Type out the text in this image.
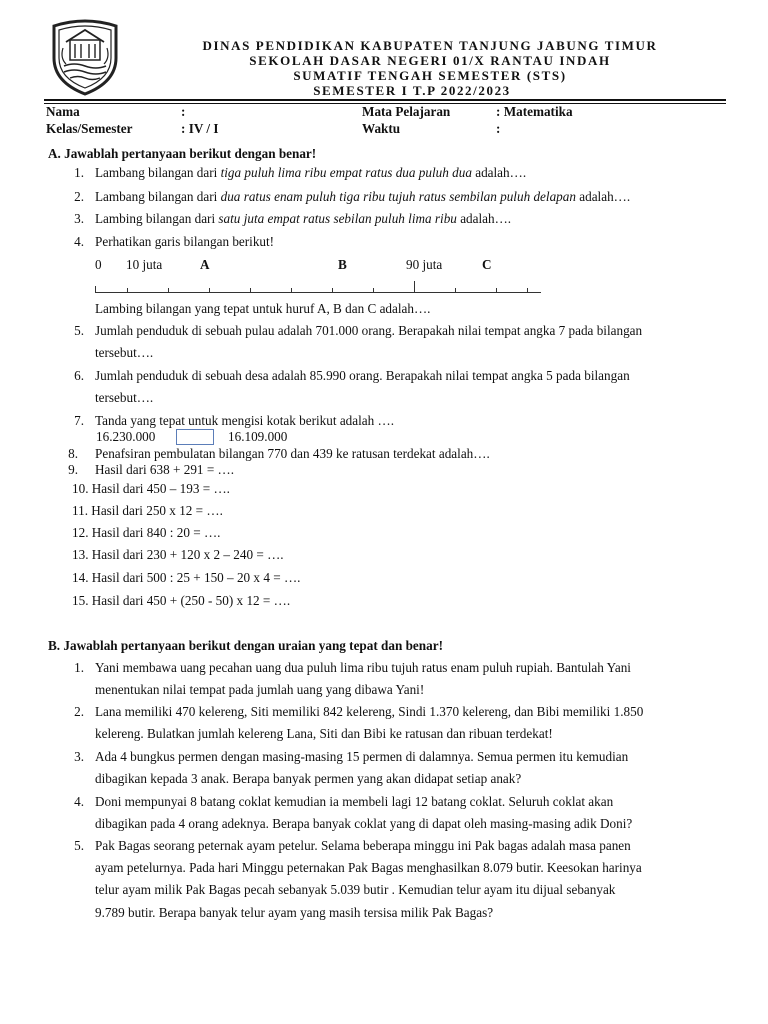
DINAS PENDIDIKAN KABUPATEN TANJUNG JABUNG TIMUR
SEKOLAH DASAR NEGERI 01/X RANTAU INDAH
SUMATIF TENGAH SEMESTER (STS)
SEMESTER I T.P 2022/2023
Nama	:	Mata Pelajaran	: Matematika
Kelas/Semester	: IV / I	Waktu	:
A. Jawablah pertanyaan berikut dengan benar!
1. Lambang bilangan dari tiga puluh lima ribu empat ratus dua puluh dua adalah….
2. Lambang bilangan dari dua ratus enam puluh tiga ribu tujuh ratus sembilan puluh delapan adalah….
3. Lambing bilangan dari satu juta empat ratus sebilan puluh lima ribu adalah….
4. Perhatikan garis bilangan berikut!
0 10 juta	A	B	90 juta	C
Lambing bilangan yang tepat untuk huruf A, B dan C adalah….
5. Jumlah penduduk di sebuah pulau adalah 701.000 orang. Berapakah nilai tempat angka 7 pada bilangan
tersebut….
6. Jumlah penduduk di sebuah desa adalah 85.990 orang. Berapakah nilai tempat angka 5 pada bilangan
tersebut….
7. Tanda yang tepat untuk mengisi kotak berikut adalah ….
16.230.000	16.109.000
8. Penafsiran pembulatan bilangan 770 dan 439 ke ratusan terdekat adalah….
9. Hasil dari 638 + 291 = ….
10. Hasil dari 450 – 193 = ….
11. Hasil dari 250 x 12 = ….
12. Hasil dari 840 : 20 = ….
13. Hasil dari 230 + 120 x 2 – 240 = ….
14. Hasil dari 500 : 25 + 150 – 20 x 4 = ….
15. Hasil dari 450 + (250 - 50) x 12 = ….
B. Jawablah pertanyaan berikut dengan uraian yang tepat dan benar!
1. Yani membawa uang pecahan uang dua puluh lima ribu tujuh ratus enam puluh rupiah. Bantulah Yani
menentukan nilai tempat pada jumlah uang yang dibawa Yani!
2. Lana memiliki 470 kelereng, Siti memiliki 842 kelereng, Sindi 1.370 kelereng, dan Bibi memiliki 1.850
kelereng. Bulatkan jumlah kelereng Lana, Siti dan Bibi ke ratusan dan ribuan terdekat!
3. Ada 4 bungkus permen dengan masing-masing 15 permen di dalamnya. Semua permen itu kemudian
dibagikan kepada 3 anak. Berapa banyak permen yang akan didapat setiap anak?
4. Doni mempunyai 8 batang coklat kemudian ia membeli lagi 12 batang coklat. Seluruh coklat akan
dibagikan pada 4 orang adeknya. Berapa banyak coklat yang di dapat oleh masing-masing adik Doni?
5. Pak Bagas seorang peternak ayam petelur. Selama beberapa minggu ini Pak bagas adalah masa panen
ayam petelurnya. Pada hari Minggu peternakan Pak Bagas menghasilkan 8.079 butir. Keesokan harinya
telur ayam milik Pak Bagas pecah sebanyak 5.039 butir . Kemudian telur ayam itu dijual sebanyak
9.789 butir. Berapa banyak telur ayam yang masih tersisa milik Pak Bagas?
